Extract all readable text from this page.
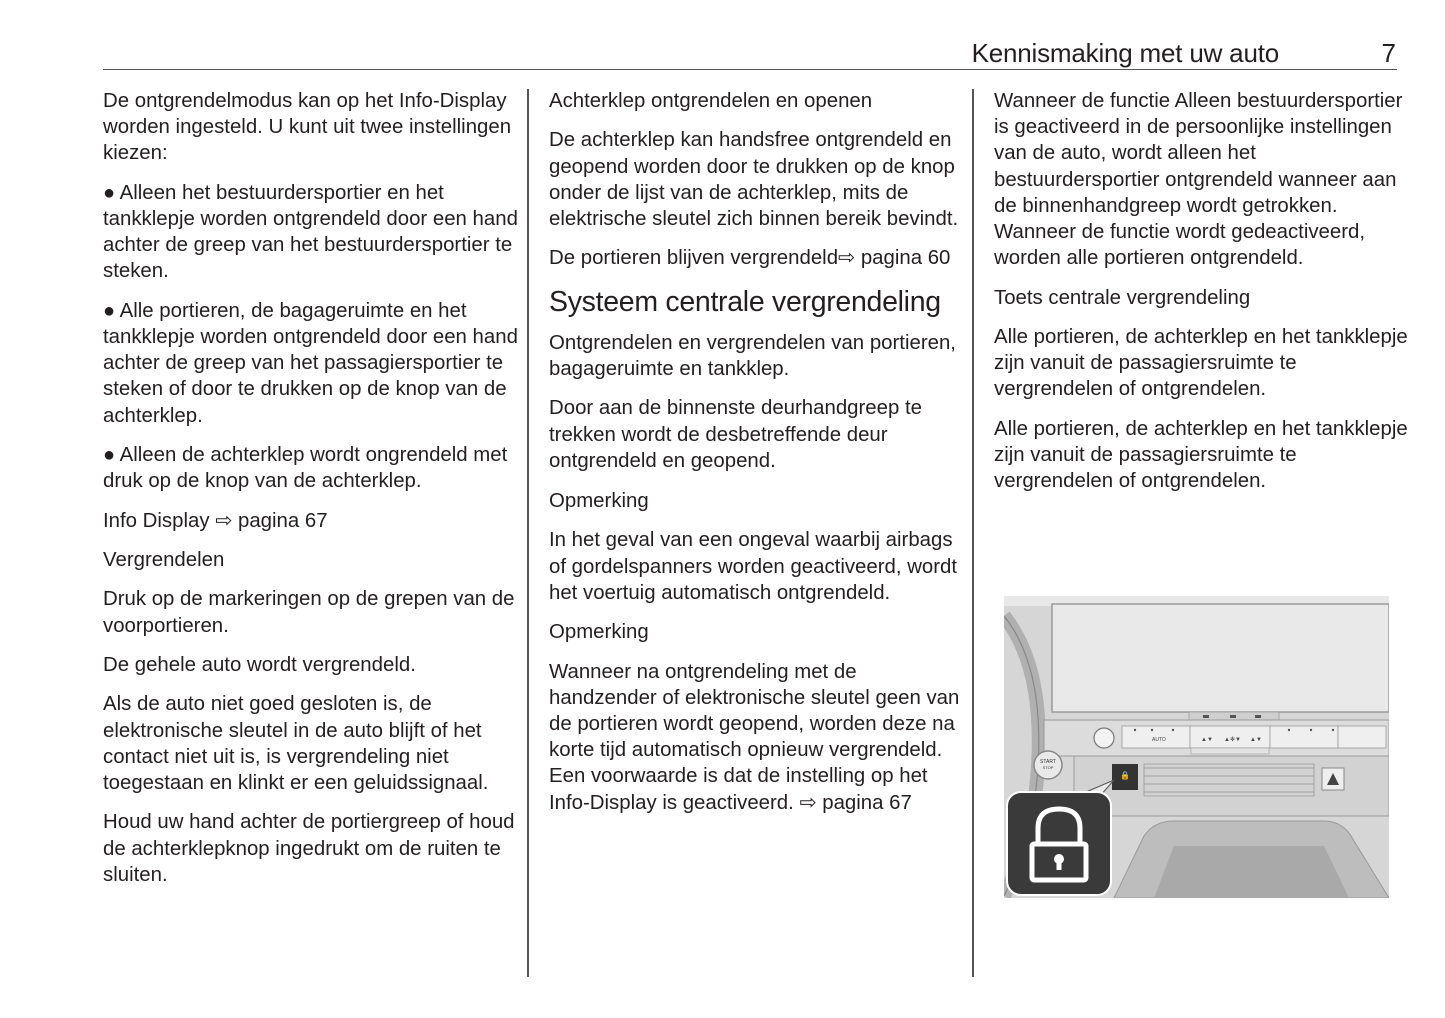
Kennismaking met uw auto	7

De ontgrendelmodus kan op het Info-Display worden ingesteld. U kunt uit twee instellingen kiezen:

● Alleen het bestuurdersportier en het tankklepje worden ontgrendeld door een hand achter de greep van het bestuurdersportier te steken.

● Alle portieren, de bagageruimte en het tankklepje worden ontgrendeld door een hand achter de greep van het passagiersportier te steken of door te drukken op de knop van de achterklep.

● Alleen de achterklep wordt ongrendeld met druk op de knop van de achterklep.

Info Display ⇨ pagina 67

Vergrendelen

Druk op de markeringen op de grepen van de voorportieren.

De gehele auto wordt vergrendeld.

Als de auto niet goed gesloten is, de elektronische sleutel in de auto blijft of het contact niet uit is, is vergrendeling niet toegestaan en klinkt er een geluidssignaal.

Houd uw hand achter de portiergreep of houd de achterklepknop ingedrukt om de ruiten te sluiten.

Achterklep ontgrendelen en openen

De achterklep kan handsfree ontgrendeld en geopend worden door te drukken op de knop onder de lijst van de achterklep, mits de elektrische sleutel zich binnen bereik bevindt.

De portieren blijven vergrendeld⇨ pagina 60

Systeem centrale vergrendeling

Ontgrendelen en vergrendelen van portieren, bagageruimte en tankklep.

Door aan de binnenste deurhandgreep te trekken wordt de desbetreffende deur ontgrendeld en geopend.

Opmerking

In het geval van een ongeval waarbij airbags of gordelspanners worden geactiveerd, wordt het voertuig automatisch ontgrendeld.

Opmerking

Wanneer na ontgrendeling met de handzender of elektronische sleutel geen van de portieren wordt geopend, worden deze na korte tijd automatisch opnieuw vergrendeld. Een voorwaarde is dat de instelling op het Info-Display is geactiveerd. ⇨ pagina 67

Wanneer de functie Alleen bestuurdersportier is geactiveerd in de persoonlijke instellingen van de auto, wordt alleen het bestuurdersportier ontgrendeld wanneer aan de binnenhandgreep wordt getrokken. Wanneer de functie wordt gedeactiveerd, worden alle portieren ontgrendeld.

Toets centrale vergrendeling

Alle portieren, de achterklep en het tankklepje zijn vanuit de passagiersruimte te vergrendelen of ontgrendelen.

Alle portieren, de achterklep en het tankklepje zijn vanuit de passagiersruimte te vergrendelen of ontgrendelen.

AUTO	▲▼ ▲✻▼ ▲▼
START
STOP
🔒
